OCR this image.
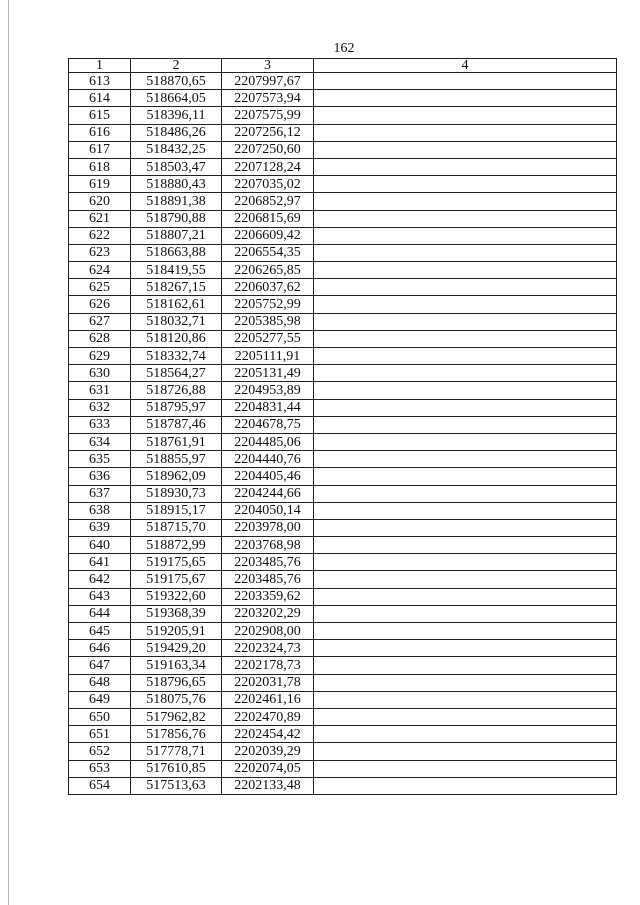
162
1	2	3	4
613	518870,65	2207997,67	
614	518664,05	2207573,94	
615	518396,11	2207575,99	
616	518486,26	2207256,12	
617	518432,25	2207250,60	
618	518503,47	2207128,24	
619	518880,43	2207035,02	
620	518891,38	2206852,97	
621	518790,88	2206815,69	
622	518807,21	2206609,42	
623	518663,88	2206554,35	
624	518419,55	2206265,85	
625	518267,15	2206037,62	
626	518162,61	2205752,99	
627	518032,71	2205385,98	
628	518120,86	2205277,55	
629	518332,74	2205111,91	
630	518564,27	2205131,49	
631	518726,88	2204953,89	
632	518795,97	2204831,44	
633	518787,46	2204678,75	
634	518761,91	2204485,06	
635	518855,97	2204440,76	
636	518962,09	2204405,46	
637	518930,73	2204244,66	
638	518915,17	2204050,14	
639	518715,70	2203978,00	
640	518872,99	2203768,98	
641	519175,65	2203485,76	
642	519175,67	2203485,76	
643	519322,60	2203359,62	
644	519368,39	2203202,29	
645	519205,91	2202908,00	
646	519429,20	2202324,73	
647	519163,34	2202178,73	
648	518796,65	2202031,78	
649	518075,76	2202461,16	
650	517962,82	2202470,89	
651	517856,76	2202454,42	
652	517778,71	2202039,29	
653	517610,85	2202074,05	
654	517513,63	2202133,48	
